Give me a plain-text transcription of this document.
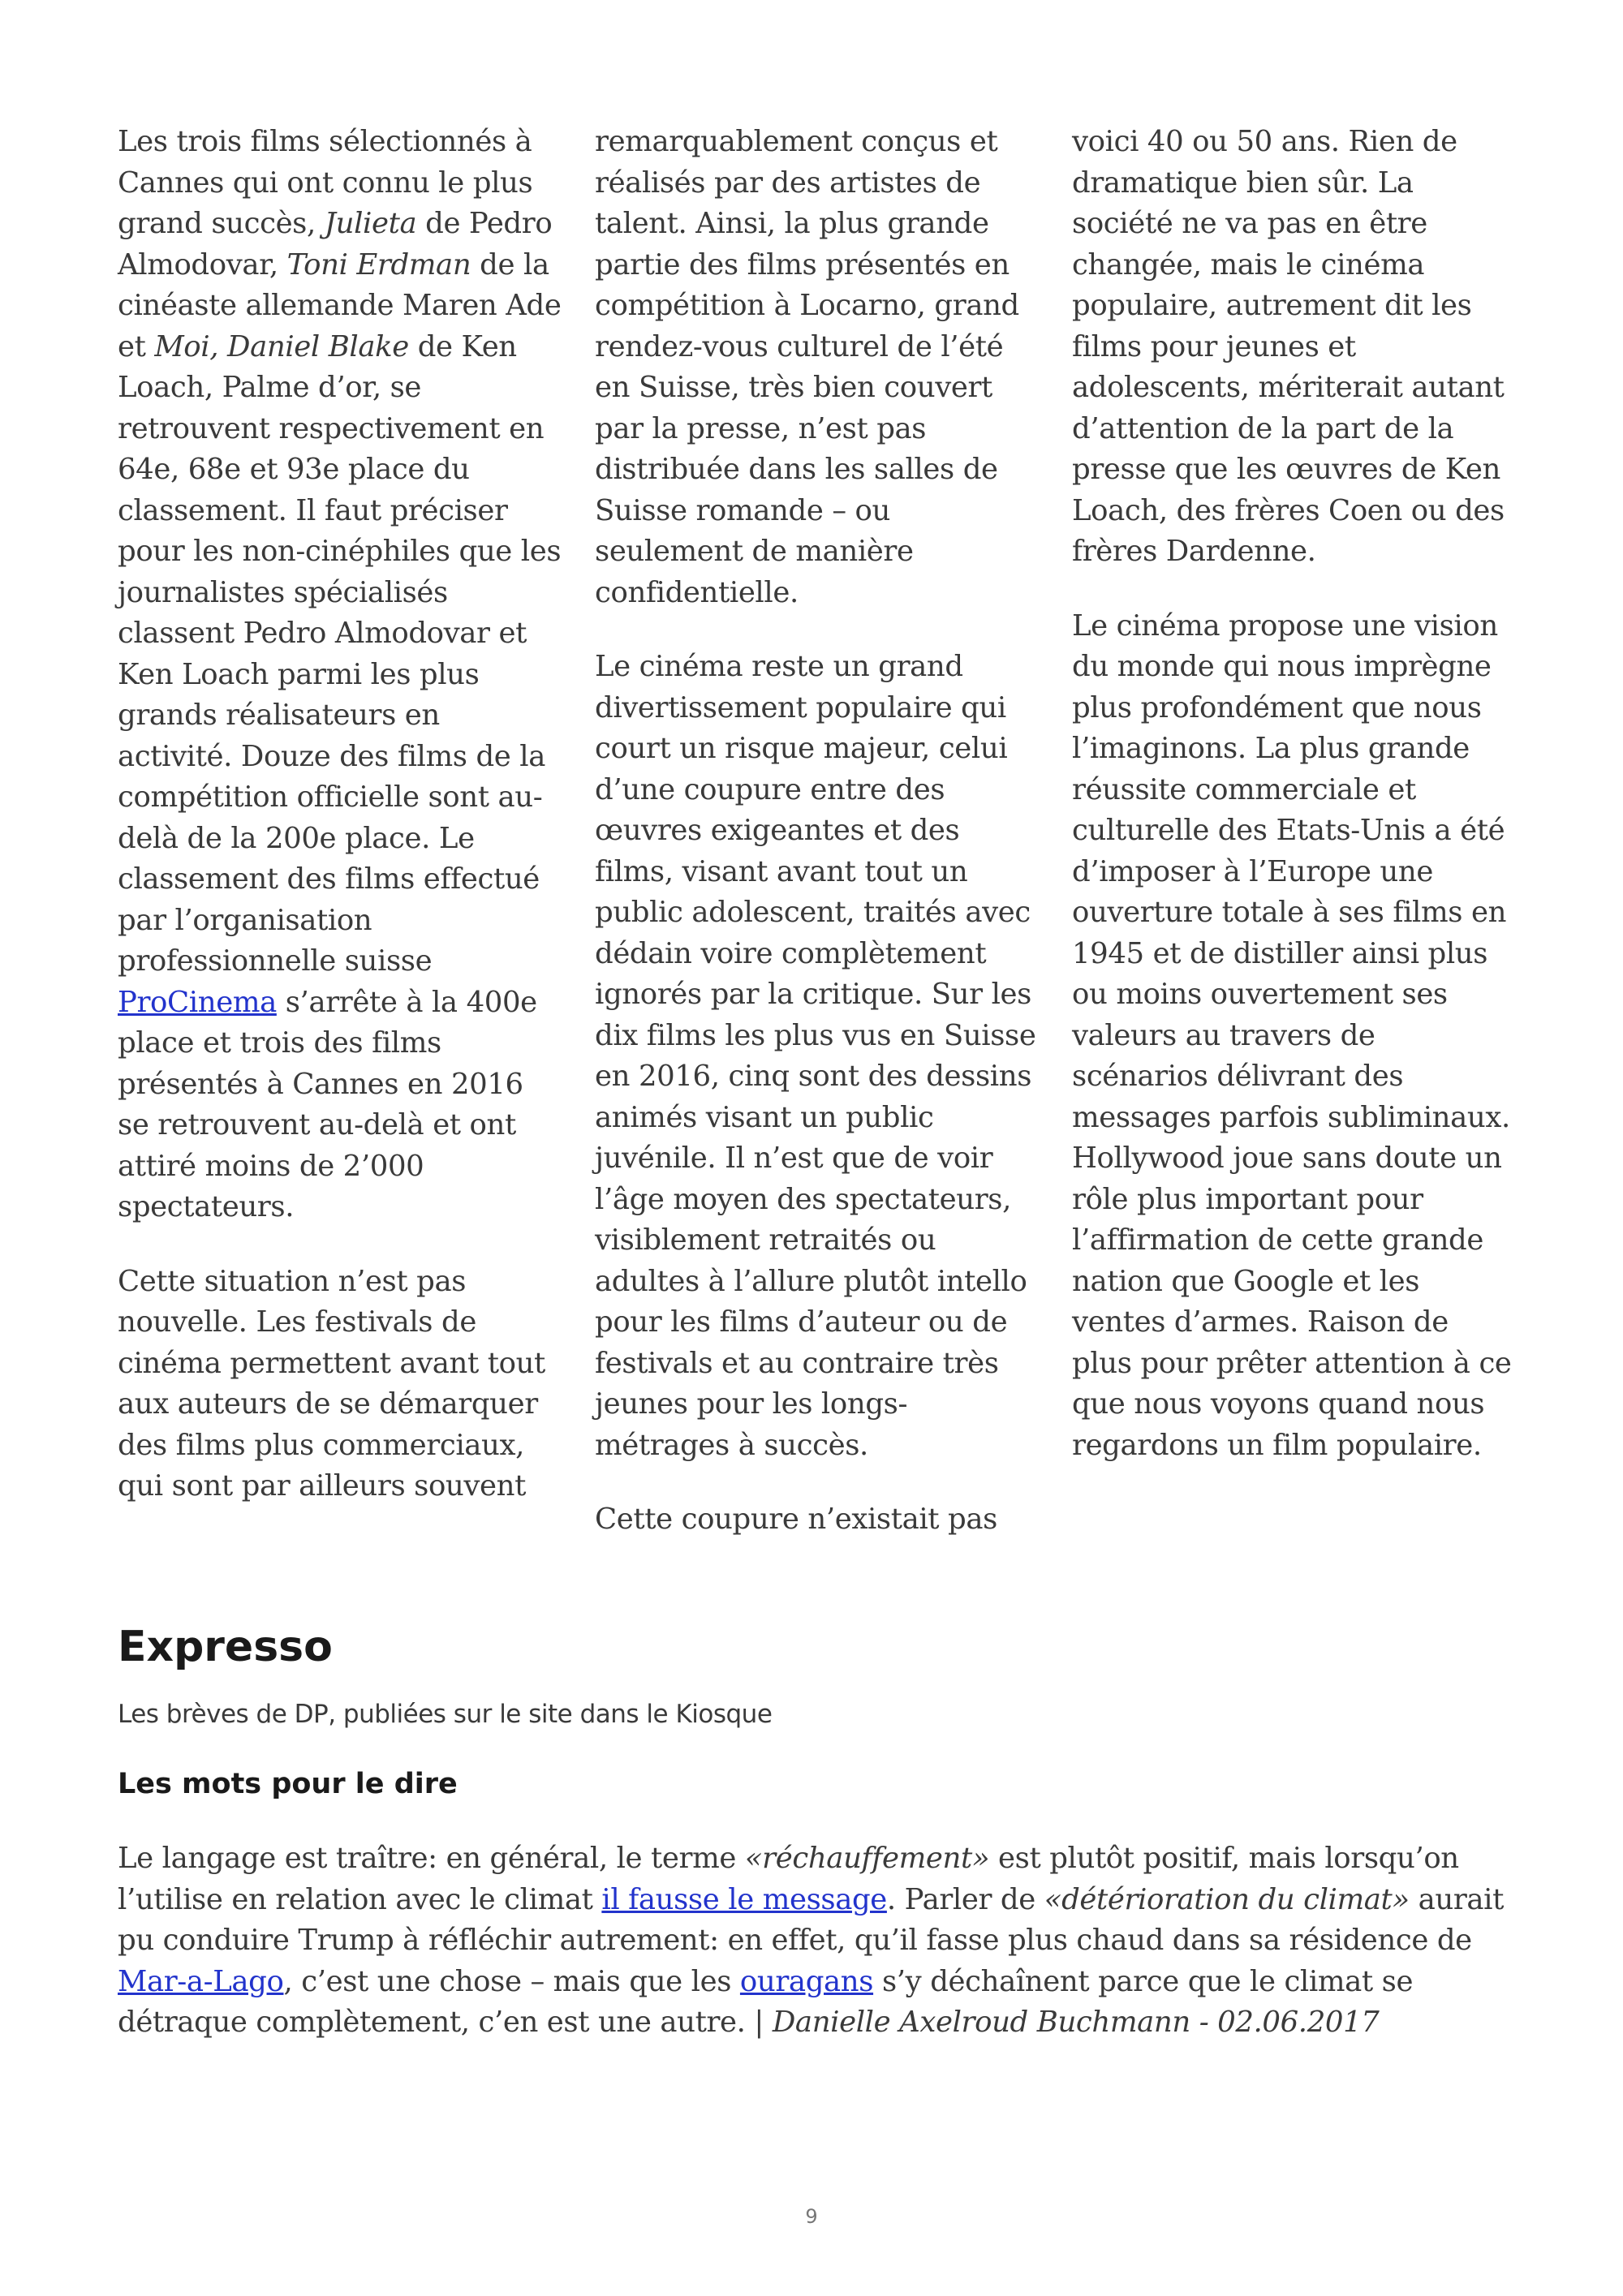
Les trois films sélectionnés à Cannes qui ont connu le plus grand succès, Julieta de Pedro Almodovar, Toni Erdman de la cinéaste allemande Maren Ade et Moi, Daniel Blake de Ken Loach, Palme d’or, se retrouvent respectivement en 64e, 68e et 93e place du classement. Il faut préciser pour les non-cinéphiles que les journalistes spécialisés classent Pedro Almodovar et Ken Loach parmi les plus grands réalisateurs en activité. Douze des films de la compétition officielle sont au-delà de la 200e place. Le classement des films effectué par l’organisation professionnelle suisse ProCinema s’arrête à la 400e place et trois des films présentés à Cannes en 2016 se retrouvent au-delà et ont attiré moins de 2’000 spectateurs.

Cette situation n’est pas nouvelle. Les festivals de cinéma permettent avant tout aux auteurs de se démarquer des films plus commerciaux, qui sont par ailleurs souvent

remarquablement conçus et réalisés par des artistes de talent. Ainsi, la plus grande partie des films présentés en compétition à Locarno, grand rendez-vous culturel de l’été en Suisse, très bien couvert par la presse, n’est pas distribuée dans les salles de Suisse romande – ou seulement de manière confidentielle.

Le cinéma reste un grand divertissement populaire qui court un risque majeur, celui d’une coupure entre des œuvres exigeantes et des films, visant avant tout un public adolescent, traités avec dédain voire complètement ignorés par la critique. Sur les dix films les plus vus en Suisse en 2016, cinq sont des dessins animés visant un public juvénile. Il n’est que de voir l’âge moyen des spectateurs, visiblement retraités ou adultes à l’allure plutôt intello pour les films d’auteur ou de festivals et au contraire très jeunes pour les longs-métrages à succès.

Cette coupure n’existait pas

voici 40 ou 50 ans. Rien de dramatique bien sûr. La société ne va pas en être changée, mais le cinéma populaire, autrement dit les films pour jeunes et adolescents, mériterait autant d’attention de la part de la presse que les œuvres de Ken Loach, des frères Coen ou des frères Dardenne.

Le cinéma propose une vision du monde qui nous imprègne plus profondément que nous l’imaginons. La plus grande réussite commerciale et culturelle des Etats-Unis a été d’imposer à l’Europe une ouverture totale à ses films en 1945 et de distiller ainsi plus ou moins ouvertement ses valeurs au travers de scénarios délivrant des messages parfois subliminaux. Hollywood joue sans doute un rôle plus important pour l’affirmation de cette grande nation que Google et les ventes d’armes. Raison de plus pour prêter attention à ce que nous voyons quand nous regardons un film populaire.

Expresso
Les brèves de DP, publiées sur le site dans le Kiosque
Les mots pour le dire

Le langage est traître: en général, le terme «réchauffement» est plutôt positif, mais lorsqu’on l’utilise en relation avec le climat il fausse le message. Parler de «détérioration du climat» aurait pu conduire Trump à réfléchir autrement: en effet, qu’il fasse plus chaud dans sa résidence de Mar-a-Lago, c’est une chose – mais que les ouragans s’y déchaînent parce que le climat se détraque complètement, c’en est une autre. | Danielle Axelroud Buchmann - 02.06.2017

9
